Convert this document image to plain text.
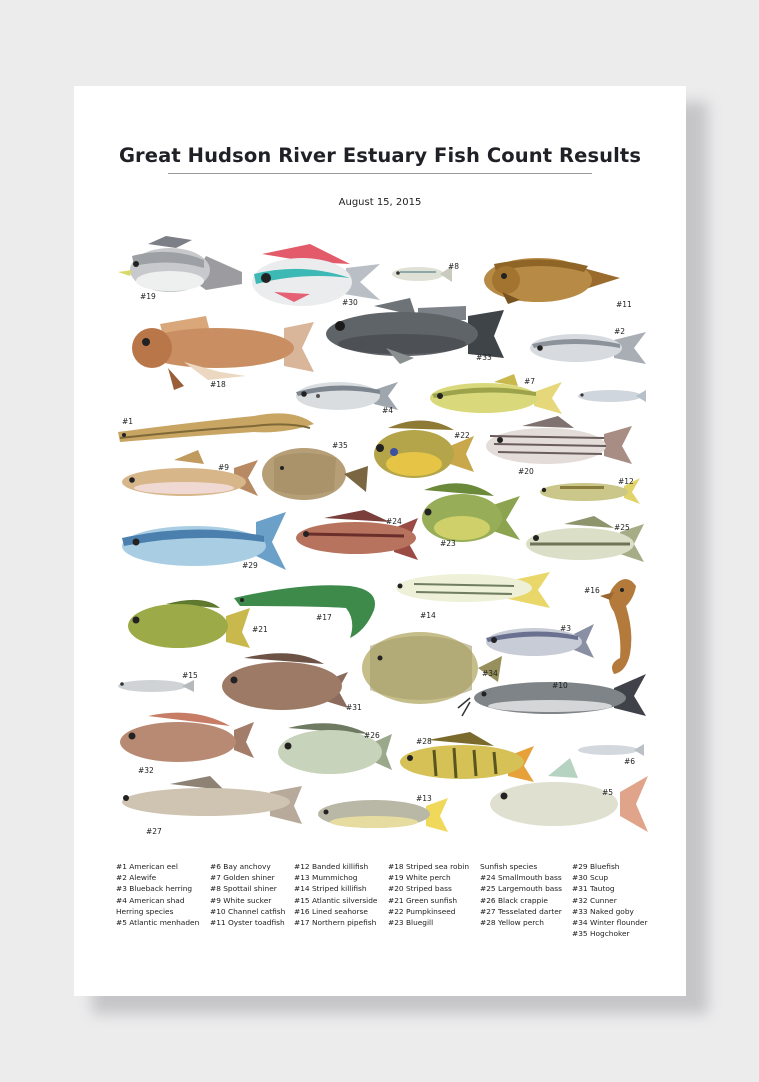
Great Hudson River Estuary Fish Count Results
August 15, 2015
#19
#30
#8
#11
#2
#33
#18
#4
#7
#1
#35
#22
#20
#9
#12
#24
#23
#25
#29
#16
#14
#21
#17
#3
#15	#34
#10
#31
#26
#28
#32
#6
#5
#13
#27
#1 American eel
#2 Alewife
#3 Blueback herring
#4 American shad
Herring species
#5 Atlantic menhaden
#6 Bay anchovy
#7 Golden shiner
#8 Spottail shiner
#9 White sucker
#10 Channel catfish
#11 Oyster toadfish
#12 Banded killifish
#13 Mummichog
#14 Striped killifish
#15 Atlantic silverside
#16 Lined seahorse
#17 Northern pipefish
#18 Striped sea robin
#19 White perch
#20 Striped bass
#21 Green sunfish
#22 Pumpkinseed
#23 Bluegill
Sunfish species
#24 Smallmouth bass
#25 Largemouth bass
#26 Black crappie
#27 Tesselated darter
#28 Yellow perch
#29 Bluefish
#30 Scup
#31 Tautog
#32 Cunner
#33 Naked goby
#34 Winter flounder
#35 Hogchoker
